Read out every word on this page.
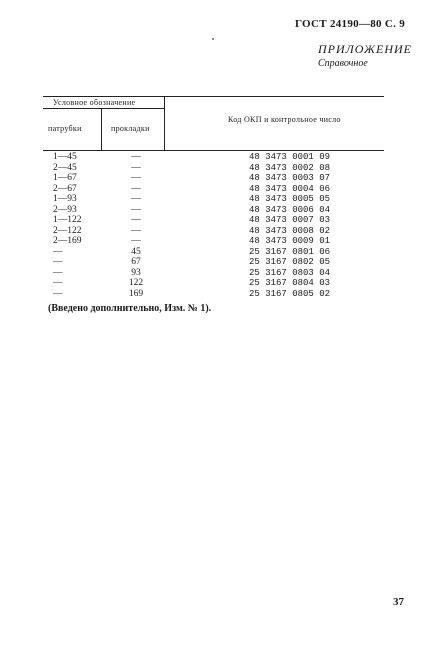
ГОСТ 24190—80 С. 9
ПРИЛОЖЕНИЕ
Справочное
Условное обозначение
патрубки	прокладки
Код ОКП и контрольное число
1—45	—	48 3473 0001 09
2—45	—	48 3473 0002 08
1—67	—	48 3473 0003 07
2—67	—	48 3473 0004 06
1—93	—	48 3473 0005 05
2—93	—	48 3473 0006 04
1—122	—	48 3473 0007 03
2—122	—	48 3473 0008 02
2—169	—	48 3473 0009 01
—	45	25 3167 0801 06
—	67	25 3167 0802 05
—	93	25 3167 0803 04
—	122	25 3167 0804 03
—	169	25 3167 0805 02
(Введено дополнительно, Изм. № 1).
37
